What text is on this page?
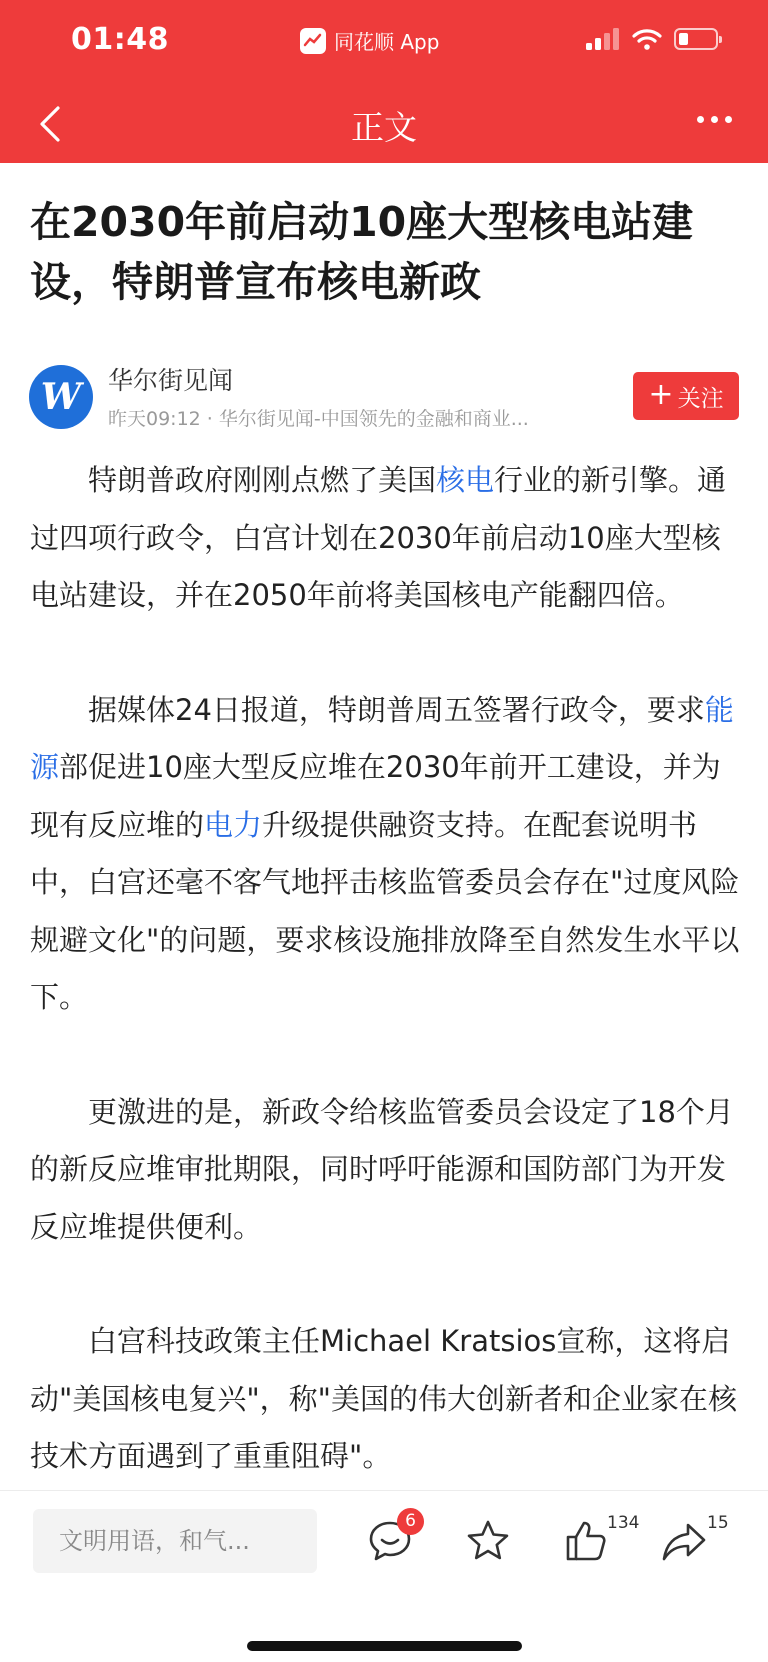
01:48	同花顺 App
正文
在2030年前启动10座大型核电站建设，特朗普宣布核电新政
W	华尔街见闻
昨天09:12 · 华尔街见闻-中国领先的金融和商业...
+ 关注

特朗普政府刚刚点燃了美国核电行业的新引擎。通过四项行政令，白宫计划在2030年前启动10座大型核电站建设，并在2050年前将美国核电产能翻四倍。

据媒体24日报道，特朗普周五签署行政令，要求能源部促进10座大型反应堆在2030年前开工建设，并为现有反应堆的电力升级提供融资支持。在配套说明书中，白宫还毫不客气地抨击核监管委员会存在"过度风险规避文化"的问题，要求核设施排放降至自然发生水平以下。

更激进的是，新政令给核监管委员会设定了18个月的新反应堆审批期限，同时呼吁能源和国防部门为开发反应堆提供便利。

白宫科技政策主任Michael Kratsios宣称，这将启动"美国核电复兴"，称"美国的伟大创新者和企业家在核技术方面遇到了重重阻碍"。

文明用语，和气...
6	134	15
